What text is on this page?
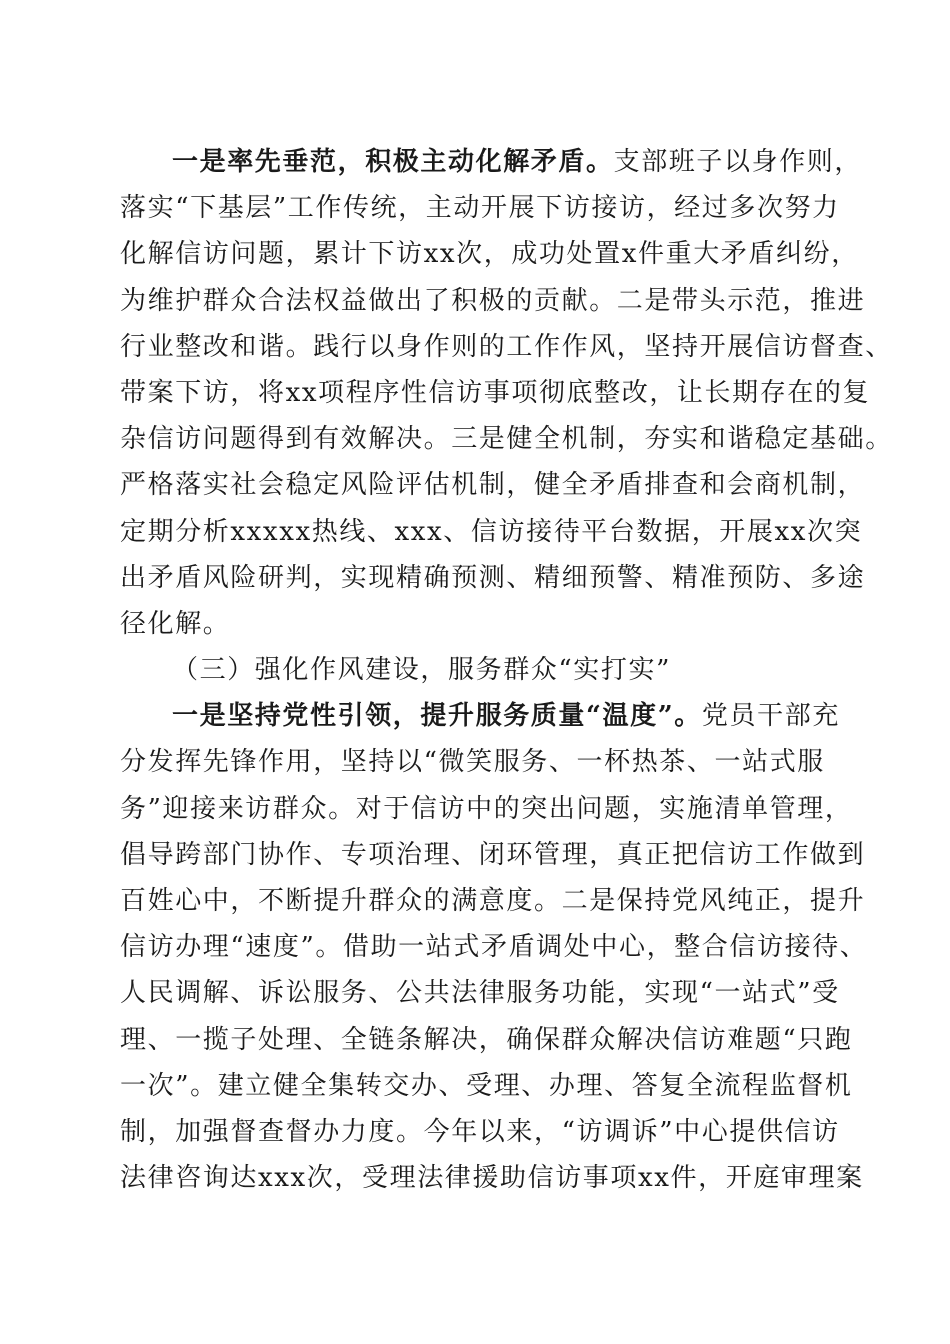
一是率先垂范，积极主动化解矛盾。支部班子以身作则，
落实“下基层”工作传统，主动开展下访接访，经过多次努力
化解信访问题，累计下访xx次，成功处置x件重大矛盾纠纷，
为维护群众合法权益做出了积极的贡献。二是带头示范，推进
行业整改和谐。践行以身作则的工作作风，坚持开展信访督查、
带案下访，将xx项程序性信访事项彻底整改，让长期存在的复
杂信访问题得到有效解决。三是健全机制，夯实和谐稳定基础。
严格落实社会稳定风险评估机制，健全矛盾排查和会商机制，
定期分析xxxxx热线、xxx、信访接待平台数据，开展xx次突
出矛盾风险研判，实现精确预测、精细预警、精准预防、多途
径化解。
（三）强化作风建设，服务群众“实打实”
一是坚持党性引领，提升服务质量“温度”。党员干部充
分发挥先锋作用，坚持以“微笑服务、一杯热茶、一站式服
务”迎接来访群众。对于信访中的突出问题，实施清单管理，
倡导跨部门协作、专项治理、闭环管理，真正把信访工作做到
百姓心中，不断提升群众的满意度。二是保持党风纯正，提升
信访办理“速度”。借助一站式矛盾调处中心，整合信访接待、
人民调解、诉讼服务、公共法律服务功能，实现“一站式”受
理、一揽子处理、全链条解决，确保群众解决信访难题“只跑
一次”。建立健全集转交办、受理、办理、答复全流程监督机
制，加强督查督办力度。今年以来，“访调诉”中心提供信访
法律咨询达xxx次，受理法律援助信访事项xx件，开庭审理案
